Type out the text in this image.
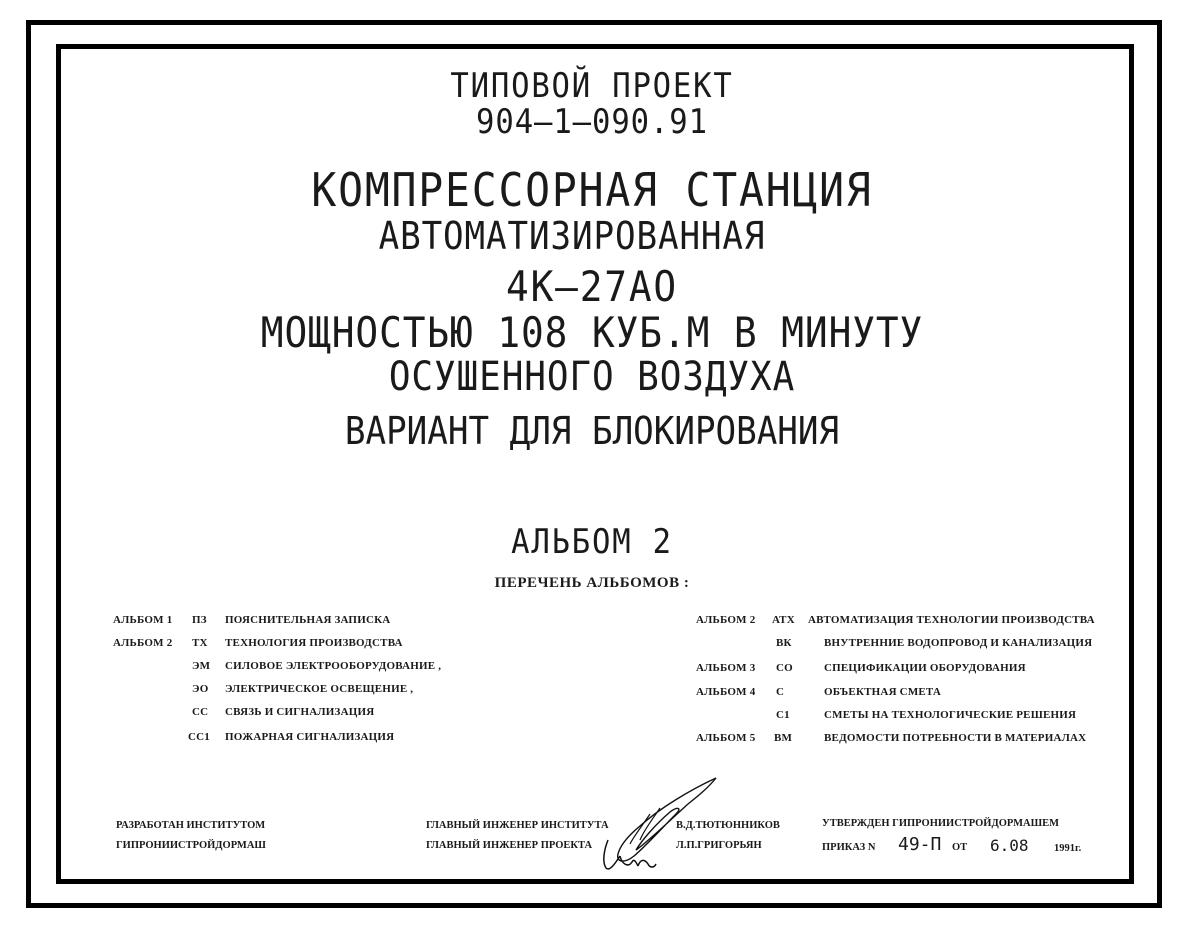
ТИПОВОЙ ПРОЕКТ
904–1–090.91
КОМПРЕССОРНАЯ СТАНЦИЯ
АВТОМАТИЗИРОВАННАЯ
4К–27АО
МОЩНОСТЬЮ 108 КУБ.М В МИНУТУ
ОСУШЕННОГО ВОЗДУХА
ВАРИАНТ ДЛЯ БЛОКИРОВАНИЯ
АЛЬБОМ 2
ПЕРЕЧЕНЬ АЛЬБОМОВ :
АЛЬБОМ 1 ПЗ ПОЯСНИТЕЛЬНАЯ ЗАПИСКА
АЛЬБОМ 2 ТХ ТЕХНОЛОГИЯ ПРОИЗВОДСТВА
ЭМ СИЛОВОЕ ЭЛЕКТРООБОРУДОВАНИЕ ,
ЭО ЭЛЕКТРИЧЕСКОЕ ОСВЕЩЕНИЕ ,
СС СВЯЗЬ И СИГНАЛИЗАЦИЯ
СС1 ПОЖАРНАЯ СИГНАЛИЗАЦИЯ
АЛЬБОМ 2 АТХ АВТОМАТИЗАЦИЯ ТЕХНОЛОГИИ ПРОИЗВОДСТВА
ВК	ВНУТРЕННИЕ ВОДОПРОВОД И КАНАЛИЗАЦИЯ
АЛЬБОМ 3 СО	СПЕЦИФИКАЦИИ ОБОРУДОВАНИЯ
АЛЬБОМ 4 С	ОБЪЕКТНАЯ СМЕТА
С1	СМЕТЫ НА ТЕХНОЛОГИЧЕСКИЕ РЕШЕНИЯ
АЛЬБОМ 5 ВМ	ВЕДОМОСТИ ПОТРЕБНОСТИ В МАТЕРИАЛАХ
РАЗРАБОТАН ИНСТИТУТОМ
ГИПРОНИИСТРОЙДОРМАШ
ГЛАВНЫЙ ИНЖЕНЕР ИНСТИТУТА
ГЛАВНЫЙ ИНЖЕНЕР ПРОЕКТА
В.Д.ТЮТЮННИКОВ
Л.П.ГРИГОРЬЯН
УТВЕРЖДЕН ГИПРОНИИСТРОЙДОРМАШЕМ
ПРИКАЗ N 49-П ОТ 6.08 1991г.
